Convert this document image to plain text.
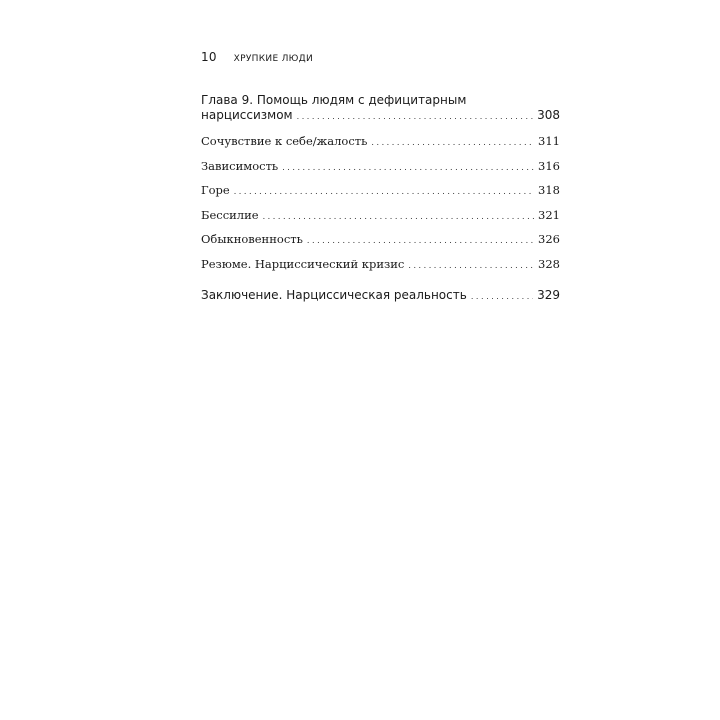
10 ХРУПКИЕ ЛЮДИ
Глава 9. Помощь людям с дефицитарным
нарциссизмом . . .	308
Сочувствие к себе/жалость . . .	311
Зависимость . . .	316
Горе . . .	318
Бессилие . . .	321
Обыкновенность . . .	326
Резюме. Нарциссический кризис . . .	328
Заключение. Нарциссическая реальность . . .	329
